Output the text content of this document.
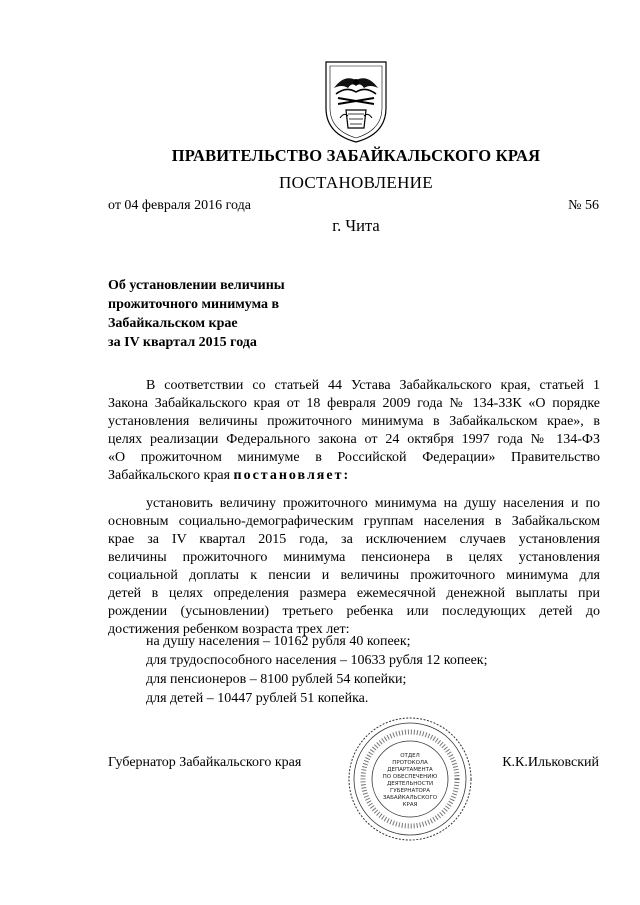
ПРАВИТЕЛЬСТВО ЗАБАЙКАЛЬСКОГО КРАЯ
ПОСТАНОВЛЕНИЕ
от 04 февраля 2016 года	№ 56
г. Чита
Об установлении величины
прожиточного минимума в
Забайкальском крае
за IV квартал 2015 года
В соответствии со статьей 44 Устава Забайкальского края, статьей 1
Закона Забайкальского края от 18 февраля 2009 года № 134-ЗЗК «О порядке
установления величины прожиточного минимума в Забайкальском крае», в
целях реализации Федерального закона от 24 октября 1997 года № 134-ФЗ
«О прожиточном минимуме в Российской Федерации» Правительство
Забайкальского края постановляет:
установить величину прожиточного минимума на душу населения и по
основным социально-демографическим группам населения в Забайкальском
крае за IV квартал 2015 года, за исключением случаев установления
величины прожиточного минимума пенсионера в целях установления
социальной доплаты к пенсии и величины прожиточного минимума для
детей в целях определения размера ежемесячной денежной выплаты при
рождении (усыновлении) третьего ребенка или последующих детей до
достижения ребенком возраста трех лет:
на душу населения – 10162 рубля 40 копеек;
для трудоспособного населения – 10633 рубля 12 копеек;
для пенсионеров – 8100 рублей 54 копейки;
для детей – 10447 рублей 51 копейка.
Губернатор Забайкальского края	К.К.Ильковский
ОТДЕЛ
ПРОТОКОЛА
ДЕПАРТАМЕНТА
ПО ОБЕСПЕЧЕНИЮ
ДЕЯТЕЛЬНОСТИ
ГУБЕРНАТОРА
ЗАБАЙКАЛЬСКОГО
КРАЯ
